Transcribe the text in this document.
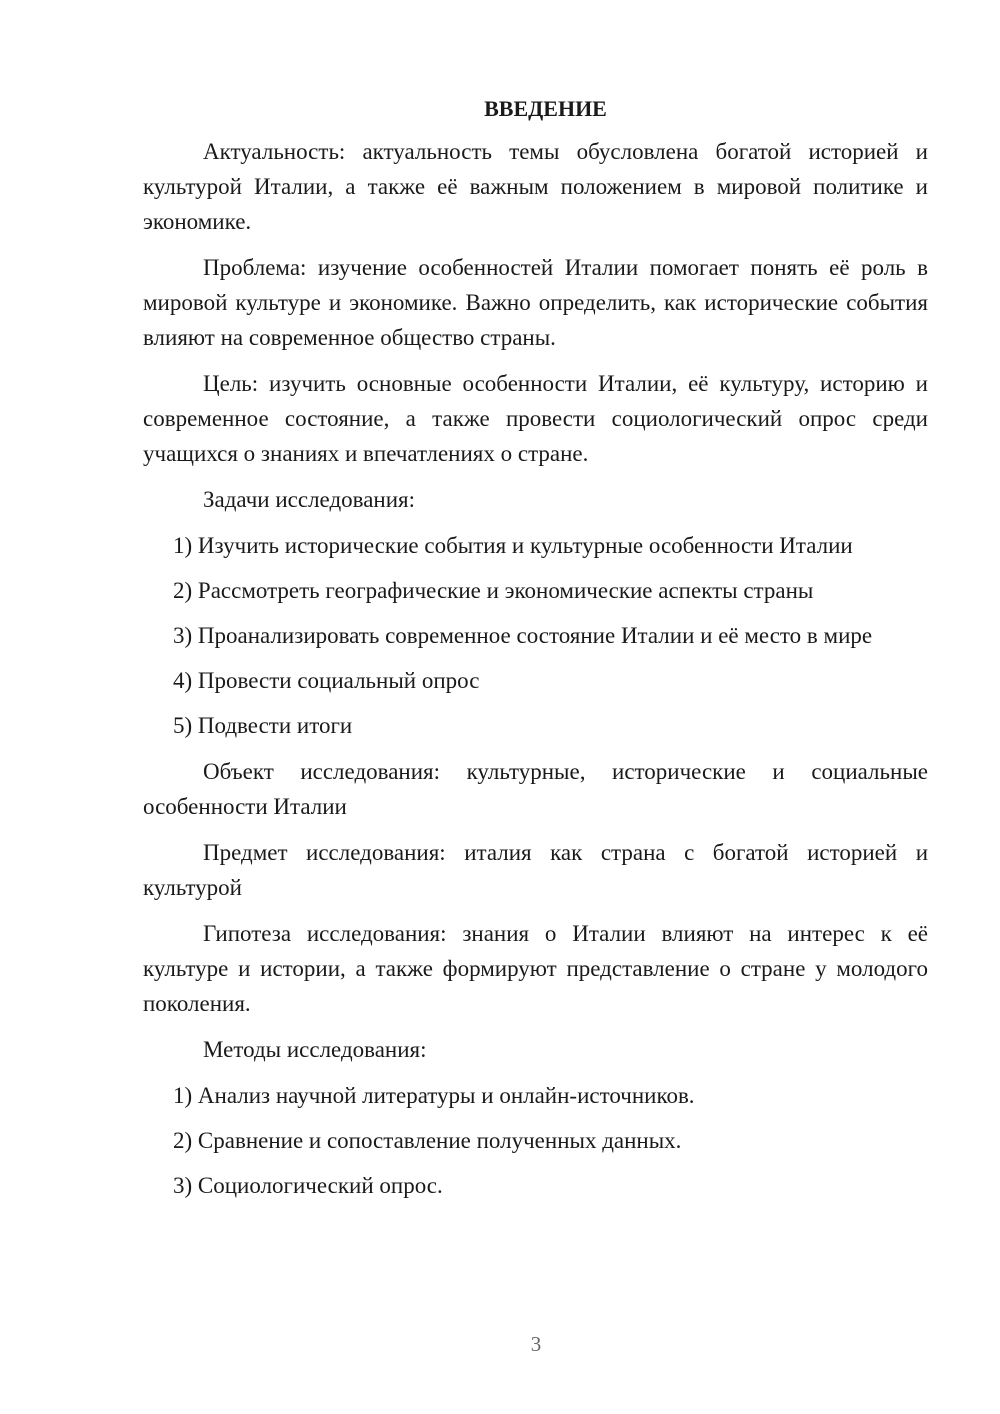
ВВЕДЕНИЕ

Актуальность: актуальность темы обусловлена богатой историей и культурой Италии, а также её важным положением в мировой политике и экономике.

Проблема: изучение особенностей Италии помогает понять её роль в мировой культуре и экономике. Важно определить, как исторические события влияют на современное общество страны.

Цель: изучить основные особенности Италии, её культуру, историю и современное состояние, а также провести социологический опрос среди учащихся о знаниях и впечатлениях о стране.

Задачи исследования:

1) Изучить исторические события и культурные особенности Италии
2) Рассмотреть географические и экономические аспекты страны
3) Проанализировать современное состояние Италии и её место в мире
4) Провести социальный опрос
5) Подвести итоги

Объект исследования: культурные, исторические и социальные особенности Италии

Предмет исследования: италия как страна с богатой историей и культурой

Гипотеза исследования: знания о Италии влияют на интерес к её культуре и истории, а также формируют представление о стране у молодого поколения.

Методы исследования:

1) Анализ научной литературы и онлайн-источников.
2) Сравнение и сопоставление полученных данных.
3) Социологический опрос.
3
